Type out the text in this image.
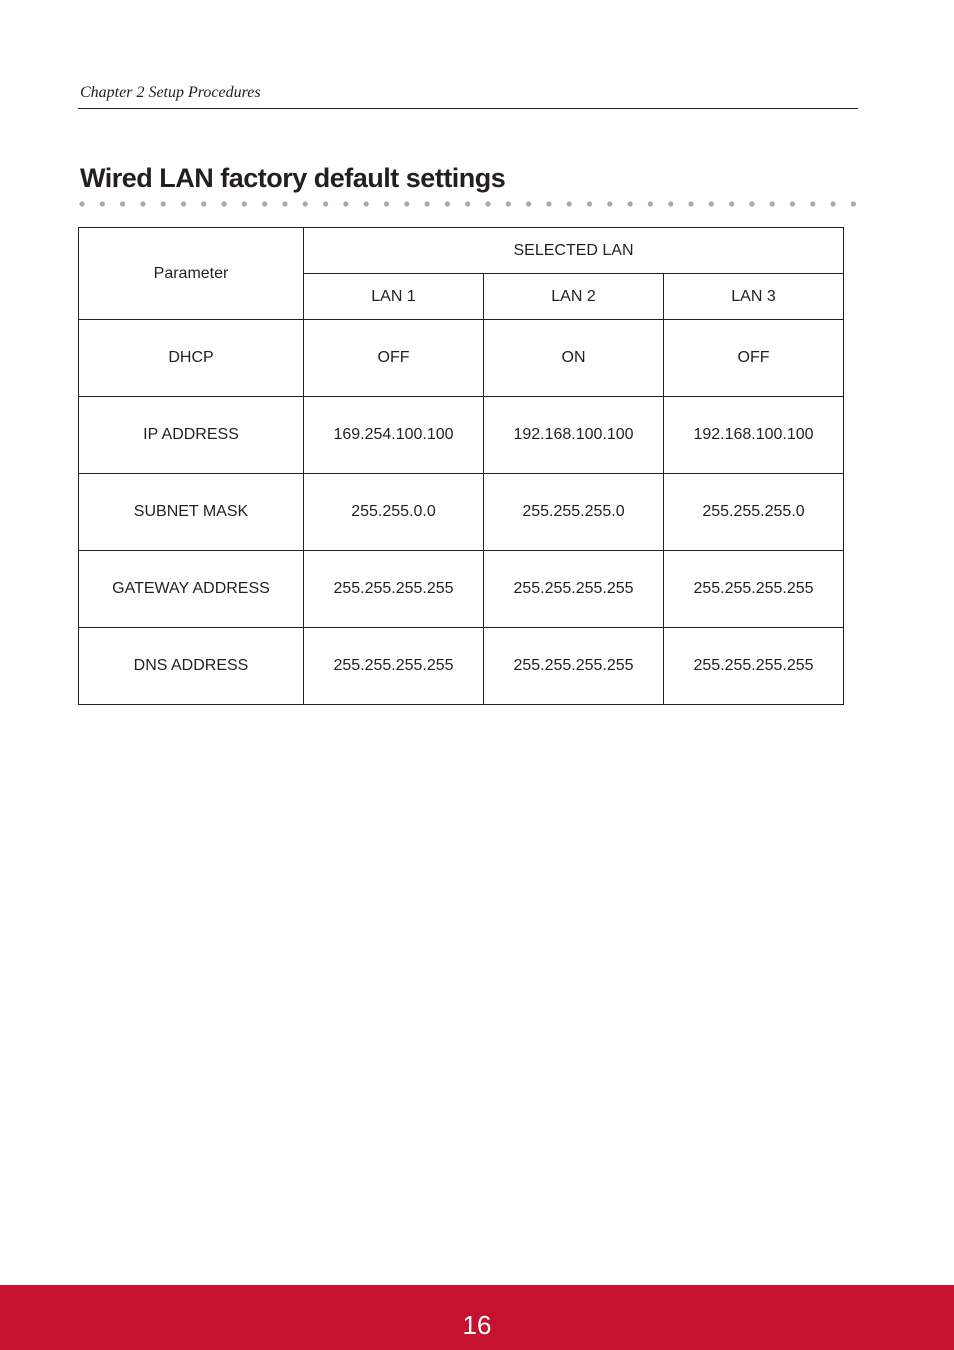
Chapter 2 Setup Procedures
Wired LAN factory default settings
Parameter	SELECTED LAN		
	LAN 1	LAN 2	LAN 3
DHCP	OFF	ON	OFF
IP ADDRESS	169.254.100.100	192.168.100.100	192.168.100.100
SUBNET MASK	255.255.0.0	255.255.255.0	255.255.255.0
GATEWAY ADDRESS	255.255.255.255	255.255.255.255	255.255.255.255
DNS ADDRESS	255.255.255.255	255.255.255.255	255.255.255.255
16
